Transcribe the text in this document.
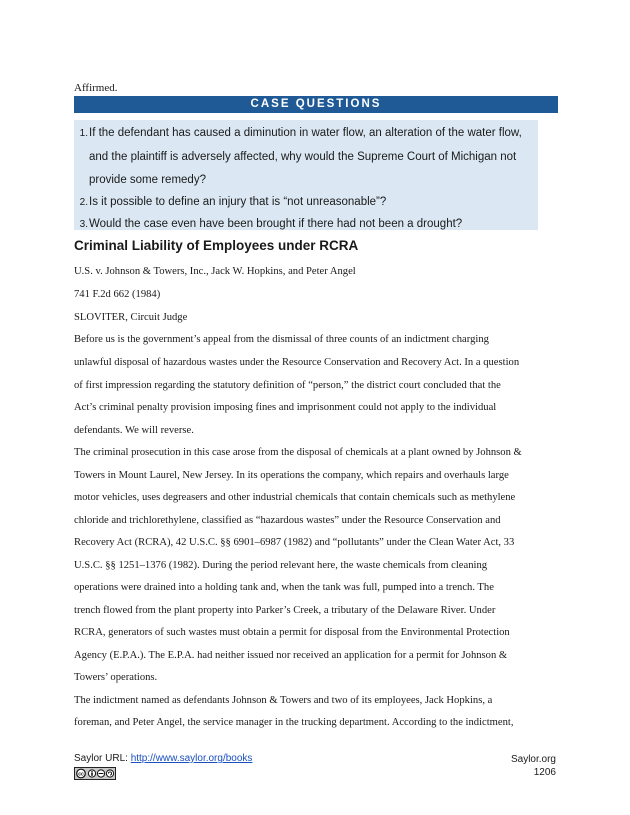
Affirmed.
CASE QUESTIONS
1. If the defendant has caused a diminution in water flow, an alteration of the water flow,
and the plaintiff is adversely affected, why would the Supreme Court of Michigan not
provide some remedy?
2. Is it possible to define an injury that is “not unreasonable”?
3. Would the case even have been brought if there had not been a drought?
Criminal Liability of Employees under RCRA
U.S. v. Johnson & Towers, Inc., Jack W. Hopkins, and Peter Angel
741 F.2d 662 (1984)
SLOVITER, Circuit Judge
Before us is the government’s appeal from the dismissal of three counts of an indictment charging
unlawful disposal of hazardous wastes under the Resource Conservation and Recovery Act. In a question
of first impression regarding the statutory definition of “person,” the district court concluded that the
Act’s criminal penalty provision imposing fines and imprisonment could not apply to the individual
defendants. We will reverse.
The criminal prosecution in this case arose from the disposal of chemicals at a plant owned by Johnson &
Towers in Mount Laurel, New Jersey. In its operations the company, which repairs and overhauls large
motor vehicles, uses degreasers and other industrial chemicals that contain chemicals such as methylene
chloride and trichlorethylene, classified as “hazardous wastes” under the Resource Conservation and
Recovery Act (RCRA), 42 U.S.C. §§ 6901–6987 (1982) and “pollutants” under the Clean Water Act, 33
U.S.C. §§ 1251–1376 (1982). During the period relevant here, the waste chemicals from cleaning
operations were drained into a holding tank and, when the tank was full, pumped into a trench. The
trench flowed from the plant property into Parker’s Creek, a tributary of the Delaware River. Under
RCRA, generators of such wastes must obtain a permit for disposal from the Environmental Protection
Agency (E.P.A.). The E.P.A. had neither issued nor received an application for a permit for Johnson &
Towers’ operations.
The indictment named as defendants Johnson & Towers and two of its employees, Jack Hopkins, a
foreman, and Peter Angel, the service manager in the trucking department. According to the indictment,
Saylor URL: http://www.saylor.org/books
cc
Saylor.org
1206
